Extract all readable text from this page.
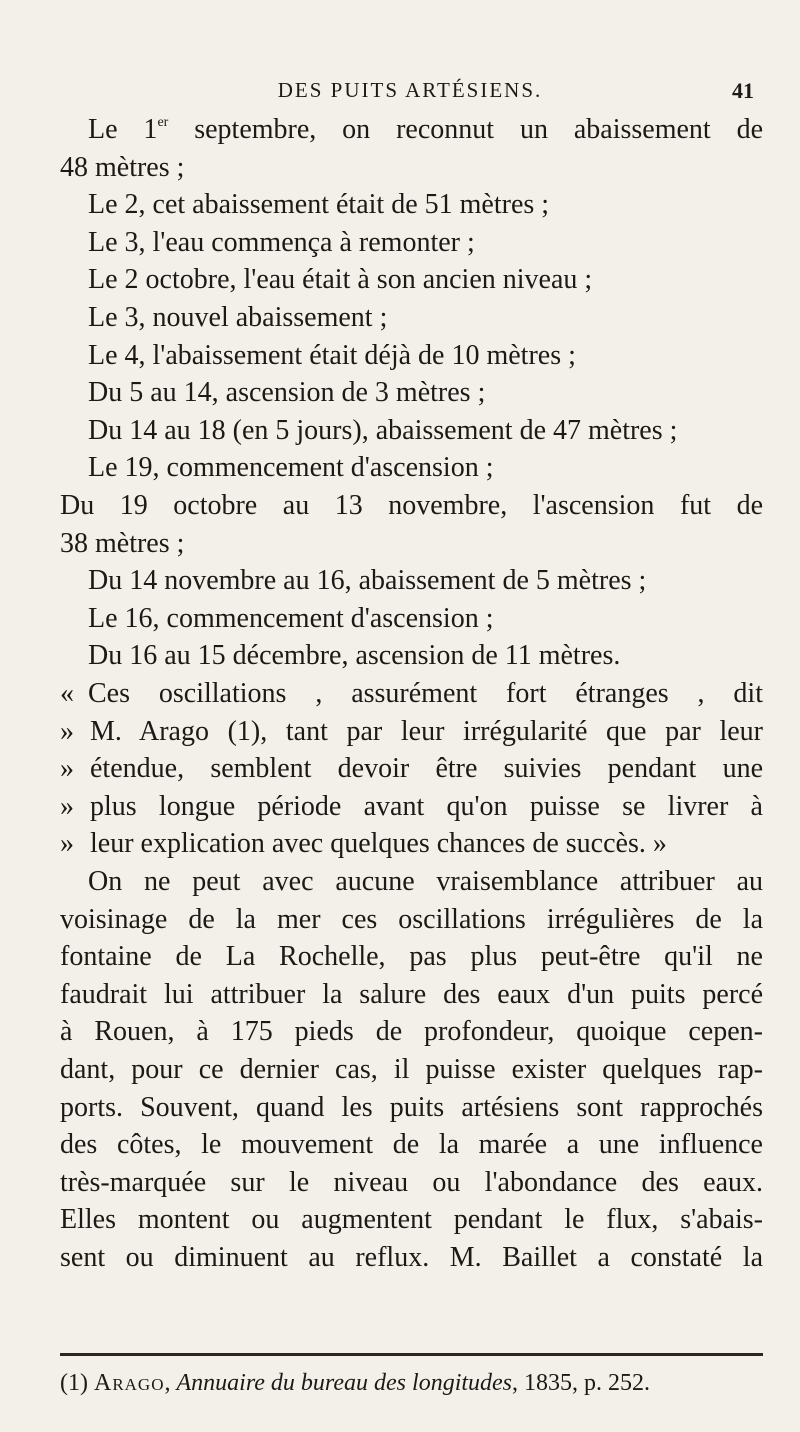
DES PUITS ARTÉSIENS.	41
Le 1er septembre, on reconnut un abaissement de
48 mètres ;
Le 2, cet abaissement était de 51 mètres ;
Le 3, l'eau commença à remonter ;
Le 2 octobre, l'eau était à son ancien niveau ;
Le 3, nouvel abaissement ;
Le 4, l'abaissement était déjà de 10 mètres ;
Du 5 au 14, ascension de 3 mètres ;
Du 14 au 18 (en 5 jours), abaissement de 47 mètres ;
Le 19, commencement d'ascension ;
Du 19 octobre au 13 novembre, l'ascension fut de
38 mètres ;
Du 14 novembre au 16, abaissement de 5 mètres ;
Le 16, commencement d'ascension ;
Du 16 au 15 décembre, ascension de 11 mètres.
« Ces oscillations , assurément fort étranges , dit
» M. Arago (1), tant par leur irrégularité que par leur
» étendue, semblent devoir être suivies pendant une
» plus longue période avant qu'on puisse se livrer à
» leur explication avec quelques chances de succès. »
On ne peut avec aucune vraisemblance attribuer au
voisinage de la mer ces oscillations irrégulières de la
fontaine de La Rochelle, pas plus peut-être qu'il ne
faudrait lui attribuer la salure des eaux d'un puits percé
à Rouen, à 175 pieds de profondeur, quoique cepen-
dant, pour ce dernier cas, il puisse exister quelques rap-
ports. Souvent, quand les puits artésiens sont rapprochés
des côtes, le mouvement de la marée a une influence
très-marquée sur le niveau ou l'abondance des eaux.
Elles montent ou augmentent pendant le flux, s'abais-
sent ou diminuent au reflux. M. Baillet a constaté la
(1) Arago, Annuaire du bureau des longitudes, 1835, p. 252.
